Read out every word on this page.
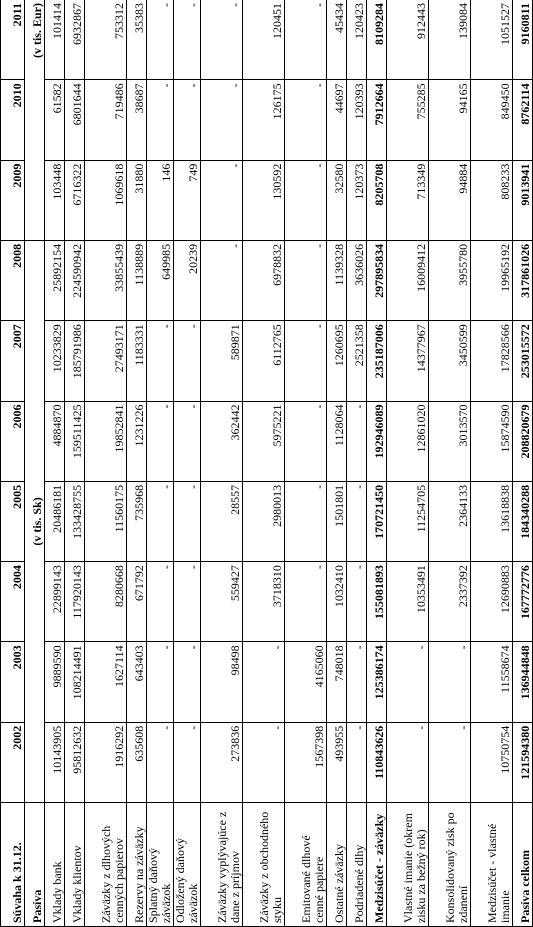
Súvaha k 31.12.	2002	2003	2004	2005	2006	2007	2008	2009	2010	2011
Pasíva	(v tis. Sk)							(v tis. Eur)		
Vklady bank	10143905	9889590	22899143	20486181	4884870	10233829	25892154	103448	61582	101414
Vklady klientov	95812632	108214491	117920143	133428755	159511425	185791986	224590942	6716322	6801644	6932867
Záväzky z dlhových cenných papierov	1916292	1627114	8280668	11560175	19852841	27493171	33855439	1069618	719486	753312
Rezervy na záväzky	635608	643403	671792	735968	1231226	1183331	1138889	31880	38687	35383
Splatný daňový záväzok	-	-	-	-	-	-	649985	146	-	-
Odložený daňový záväzok	-	-	-	-	-	-	20239	749	-	-
Záväzky vyplývajúce z dane z príjmov	273836	98498	559427	28557	362442	589871	-	-	-	-
Záväzky z obchodného styku	-	-	3718310	2980013	5975221	6112765	6978832	130592	126175	120451
Emitované dlhové cenné papiere	1567398	4165060	-	-	-	-	-	-	-	-
Ostatné záväzky	493955	748018	1032410	1501801	1128064	1260695	1139328	32580	44697	45434
Podriadené dlhy	-	-	-	-	-	2521358	3636026	120373	120393	120423
Medzisúčet - záväzky	110843626	125386174	155081893	170721450	192946089	235187006	297895834	8205708	7912664	8109284
Vlastné imanie (okrem zisku za bežný rok)	-	-	10353491	11254705	12861020	14377967	16009412	713349	755285	912443
Konsolidovaný zisk po zdanení	-	-	2337392	2364133	3013570	3450599	3955780	94884	94165	139084
Medzisúčet - vlastné imanie	10750754	11558674	12690883	13618838	15874590	17828566	19965192	808233	849450	1051527
Pasíva celkom	121594380	136944848	167772776	184340288	208820679	253015572	317861026	9013941	8762114	9160811
